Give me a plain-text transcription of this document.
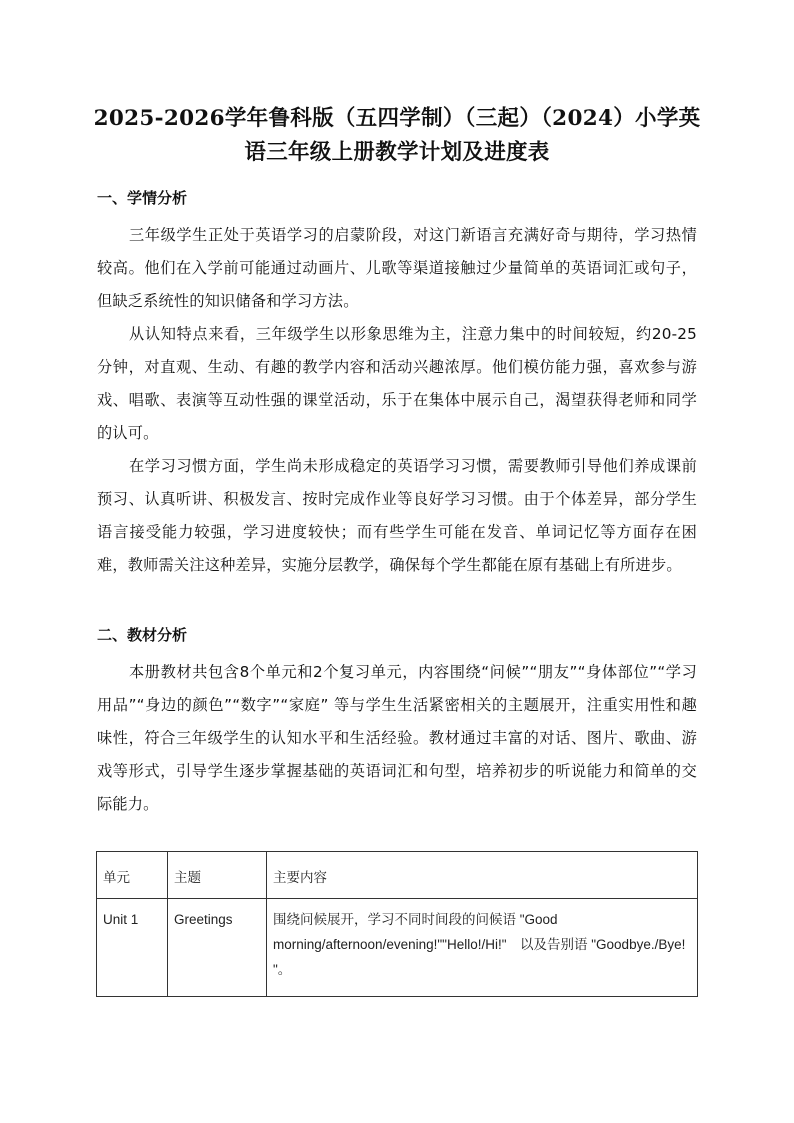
2025-2026学年鲁科版（五四学制）（三起）（2024）小学英语三年级上册教学计划及进度表
一、学情分析

三年级学生正处于英语学习的启蒙阶段，对这门新语言充满好奇与期待，学习热情较高。他们在入学前可能通过动画片、儿歌等渠道接触过少量简单的英语词汇或句子，但缺乏系统性的知识储备和学习方法。

从认知特点来看，三年级学生以形象思维为主，注意力集中的时间较短，约20-25分钟，对直观、生动、有趣的教学内容和活动兴趣浓厚。他们模仿能力强，喜欢参与游戏、唱歌、表演等互动性强的课堂活动，乐于在集体中展示自己，渴望获得老师和同学的认可。

在学习习惯方面，学生尚未形成稳定的英语学习习惯，需要教师引导他们养成课前预习、认真听讲、积极发言、按时完成作业等良好学习习惯。由于个体差异，部分学生语言接受能力较强，学习进度较快；而有些学生可能在发音、单词记忆等方面存在困难，教师需关注这种差异，实施分层教学，确保每个学生都能在原有基础上有所进步。

二、教材分析

本册教材共包含8个单元和2个复习单元，内容围绕“问候”“朋友”“身体部位”“学习用品”“身边的颜色”“数字”“家庭” 等与学生生活紧密相关的主题展开，注重实用性和趣味性，符合三年级学生的认知水平和生活经验。教材通过丰富的对话、图片、歌曲、游戏等形式，引导学生逐步掌握基础的英语词汇和句型，培养初步的听说能力和简单的交际能力。

单元	主题	主要内容
Unit 1	Greetings	围绕问候展开，学习不同时间段的问候语 "Good morning/afternoon/evening!""Hello!/Hi!"　以及告别语 "Goodbye./Bye! "。
